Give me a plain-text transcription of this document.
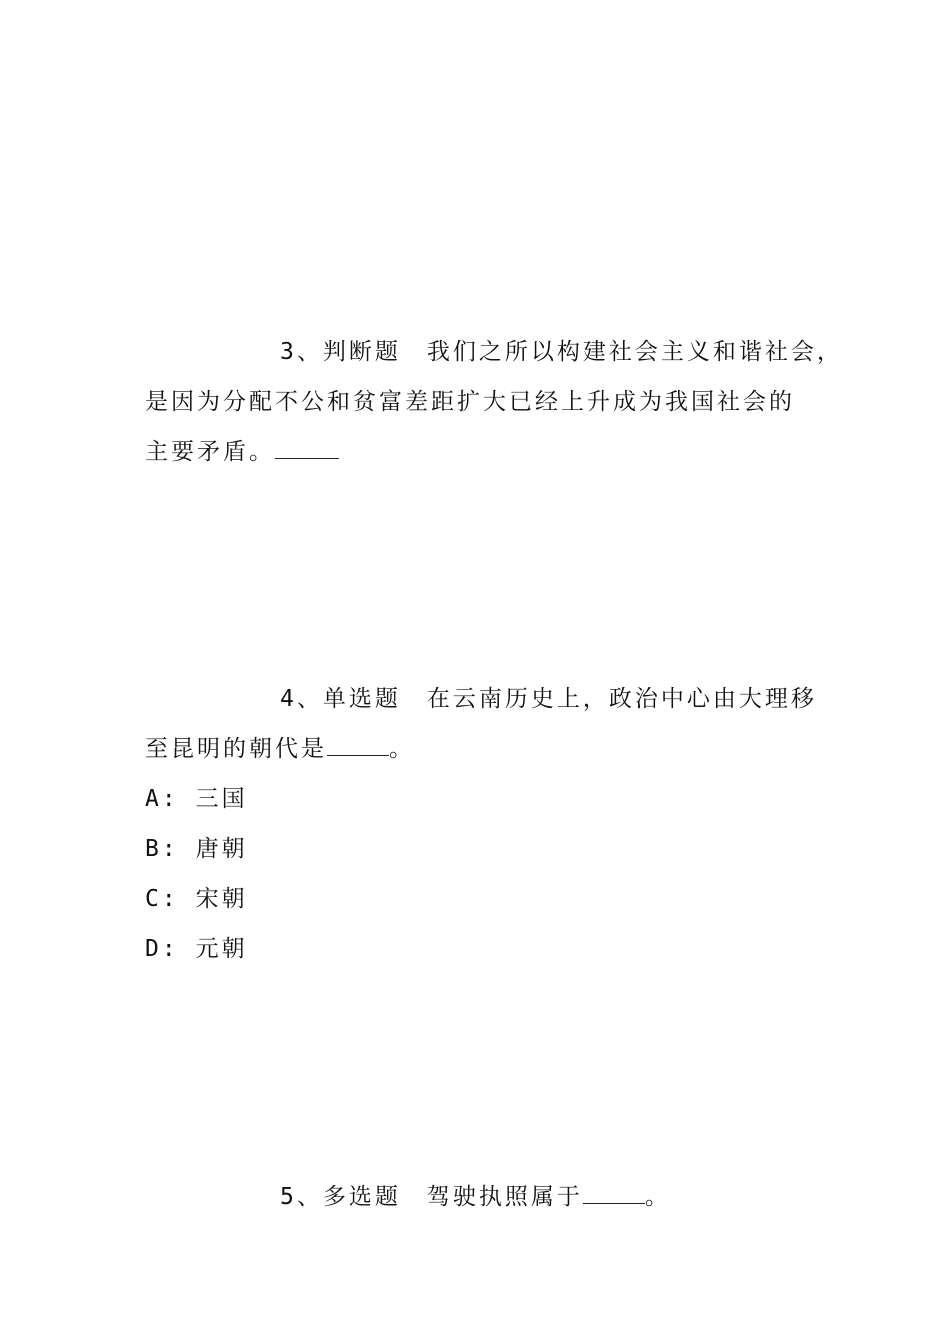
3、判断题 我们之所以构建社会主义和谐社会，
是因为分配不公和贫富差距扩大已经上升成为我国社会的
主要矛盾。
4、单选题 在云南历史上，政治中心由大理移
至昆明的朝代是	。
A: 三国
B: 唐朝
C: 宋朝
D: 元朝
5、多选题 驾驶执照属于	。
